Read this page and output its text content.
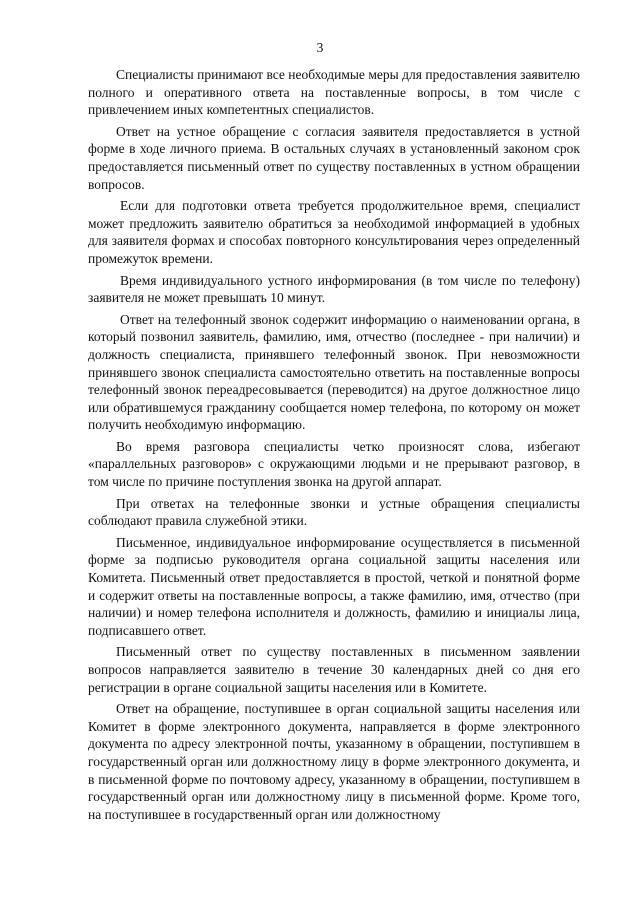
3

Специалисты принимают все необходимые меры для предоставления заявителю полного и оперативного ответа на поставленные вопросы, в том числе с привлечением иных компетентных специалистов.

Ответ на устное обращение с согласия заявителя предоставляется в устной форме в ходе личного приема. В остальных случаях в установленный законом срок предоставляется письменный ответ по существу поставленных в устном обращении вопросов.

Если для подготовки ответа требуется продолжительное время, специалист может предложить заявителю обратиться за необходимой информацией в удобных для заявителя формах и способах повторного консультирования через определенный промежуток времени.

Время индивидуального устного информирования (в том числе по телефону) заявителя не может превышать 10 минут.

Ответ на телефонный звонок содержит информацию о наименовании органа, в который позвонил заявитель, фамилию, имя, отчество (последнее - при наличии) и должность специалиста, принявшего телефонный звонок. При невозможности принявшего звонок специалиста самостоятельно ответить на поставленные вопросы телефонный звонок переадресовывается (переводится) на другое должностное лицо или обратившемуся гражданину сообщается номер телефона, по которому он может получить необходимую информацию.

Во время разговора специалисты четко произносят слова, избегают «параллельных разговоров» с окружающими людьми и не прерывают разговор, в том числе по причине поступления звонка на другой аппарат.

При ответах на телефонные звонки и устные обращения специалисты соблюдают правила служебной этики.

Письменное, индивидуальное информирование осуществляется в письменной форме за подписью руководителя органа социальной защиты населения или Комитета. Письменный ответ предоставляется в простой, четкой и понятной форме и содержит ответы на поставленные вопросы, а также фамилию, имя, отчество (при наличии) и номер телефона исполнителя и должность, фамилию и инициалы лица, подписавшего ответ.

Письменный ответ по существу поставленных в письменном заявлении вопросов направляется заявителю в течение 30 календарных дней со дня его регистрации в органе социальной защиты населения или в Комитете.

Ответ на обращение, поступившее в орган социальной защиты населения или Комитет в форме электронного документа, направляется в форме электронного документа по адресу электронной почты, указанному в обращении, поступившем в государственный орган или должностному лицу в форме электронного документа, и в письменной форме по почтовому адресу, указанному в обращении, поступившем в государственный орган или должностному лицу в письменной форме. Кроме того, на поступившее в государственный орган или должностному
